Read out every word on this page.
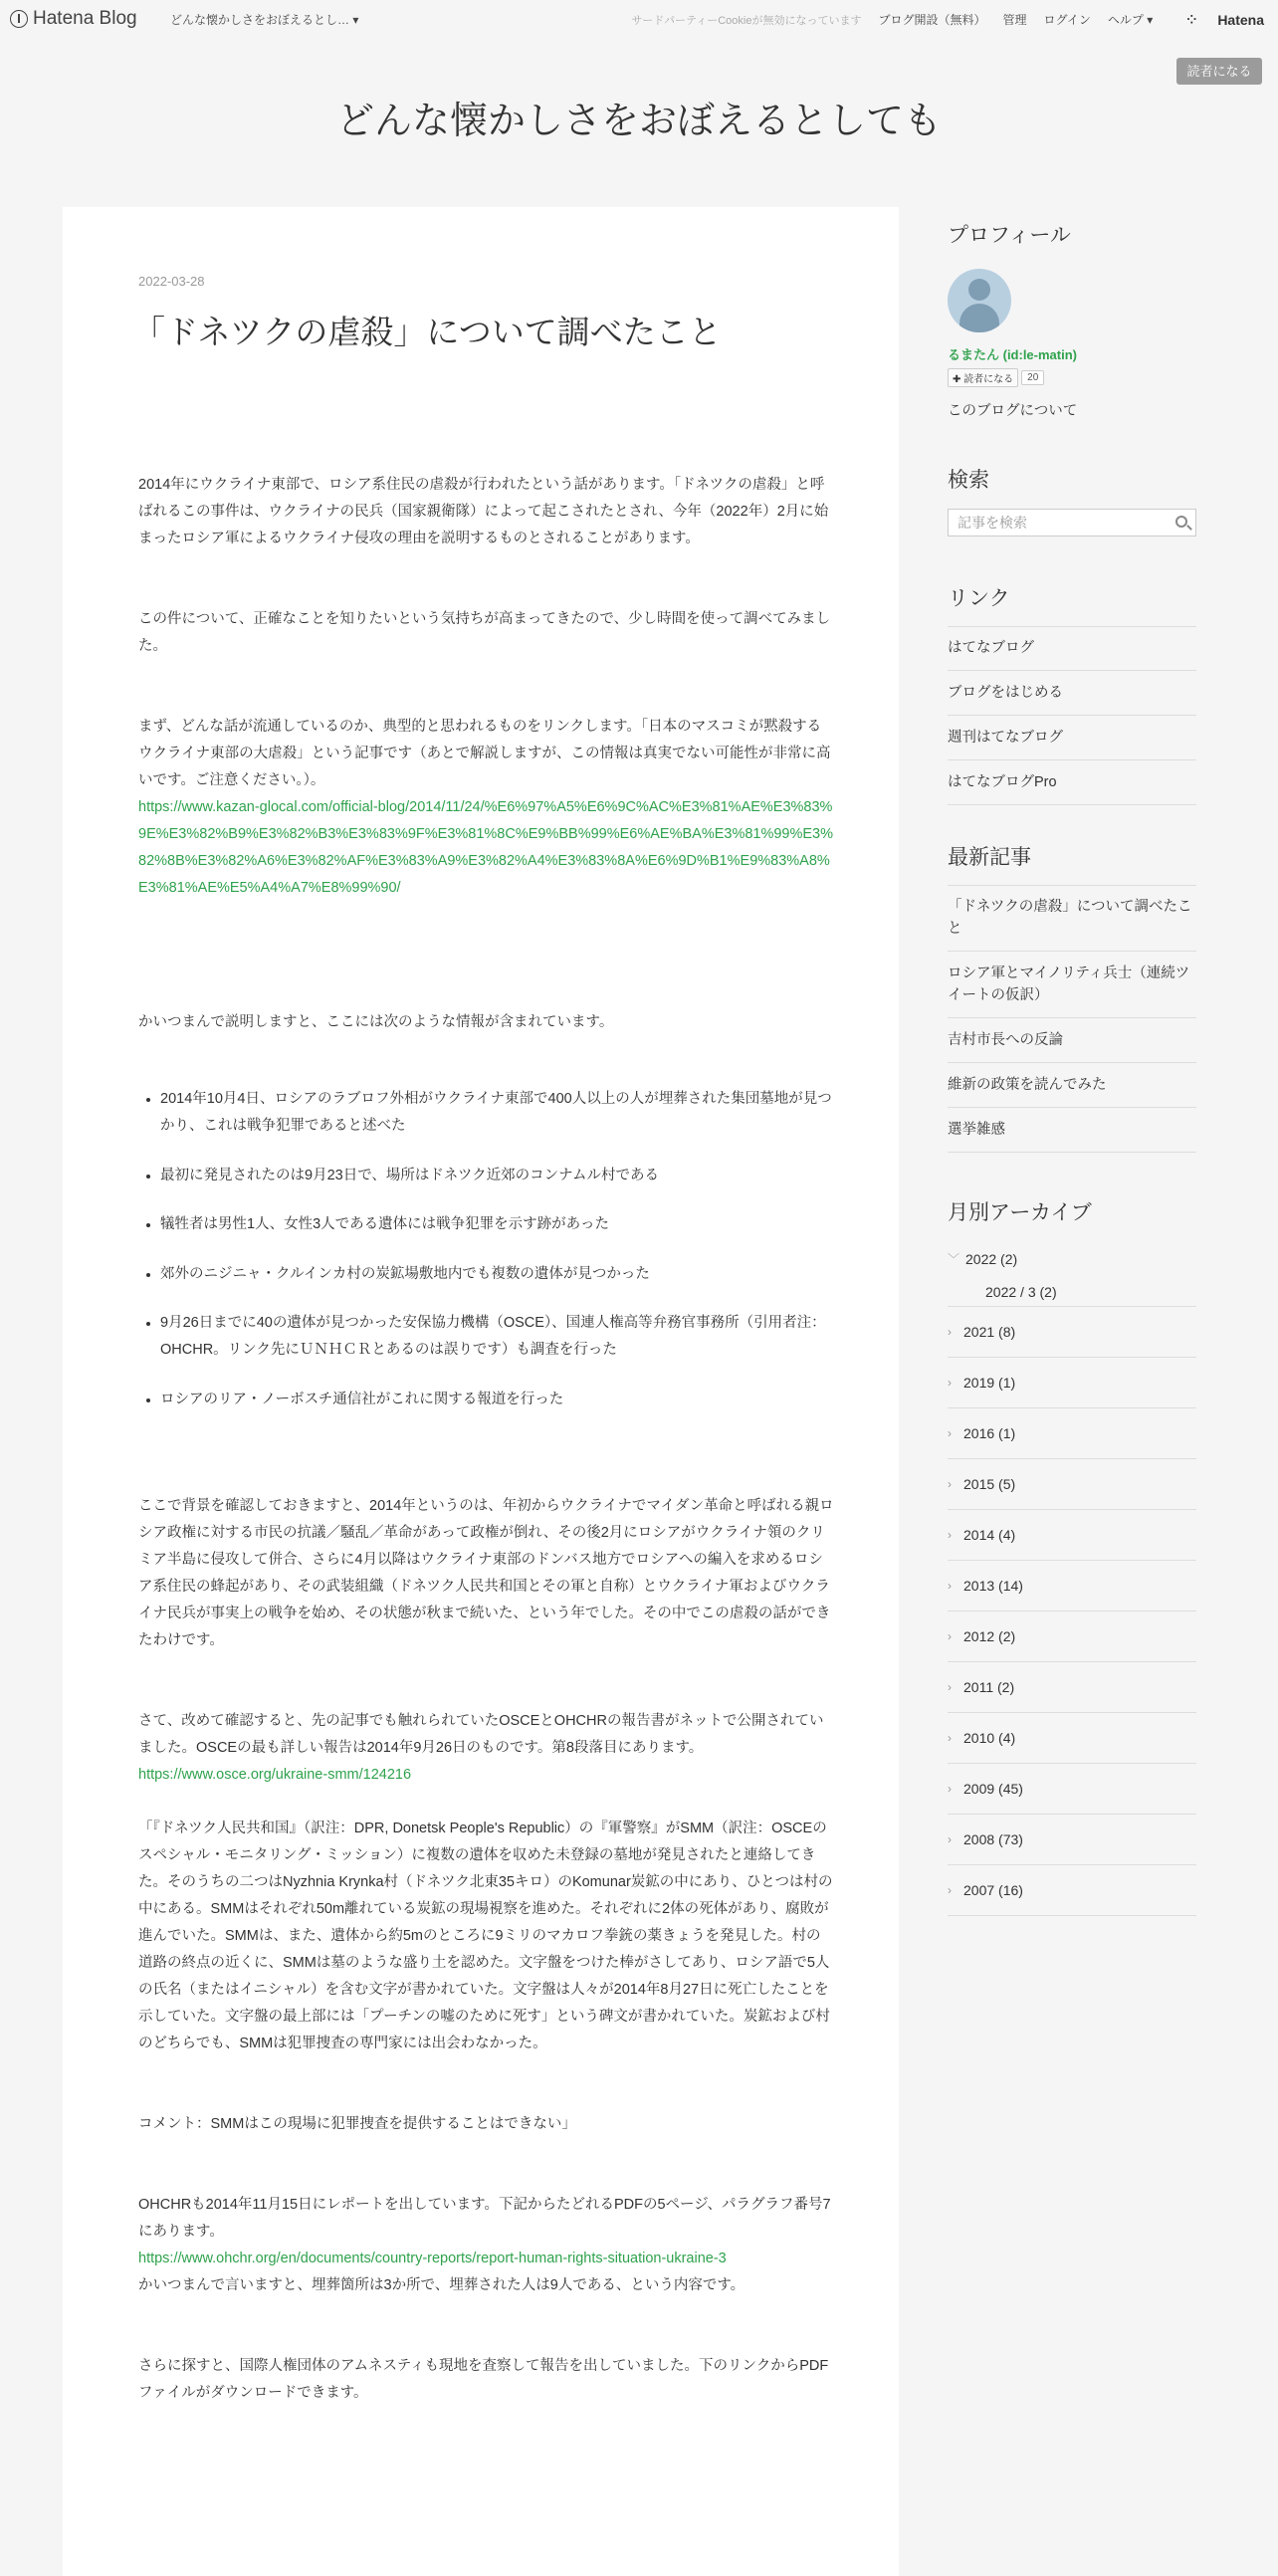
Hatena Blog	どんな懐かしさをおぼえるとし… ▾	サードパーティーCookieが無効になっています ブログ開設（無料） 管理 ログイン ヘルプ ▾	⁘ Hatena
読者になる
どんな懐かしさをおぼえるとしても
2022-03-28
「ドネツクの虐殺」について調べたこと

2014年にウクライナ東部で、ロシア系住民の虐殺が行われたという話があります。「ドネツクの虐殺」と呼ばれるこの事件は、ウクライナの民兵（国家親衛隊）によって起こされたとされ、今年（2022年）2月に始まったロシア軍によるウクライナ侵攻の理由を説明するものとされることがあります。

この件について、正確なことを知りたいという気持ちが高まってきたので、少し時間を使って調べてみました。

まず、どんな話が流通しているのか、典型的と思われるものをリンクします。「日本のマスコミが黙殺するウクライナ東部の大虐殺」という記事です（あとで解説しますが、この情報は真実でない可能性が非常に高いです。ご注意ください。）。

https://www.kazan-glocal.com/official-blog/2014/11/24/%E6%97%A5%E6%9C%AC%E3%81%AE%E3%83%9E%E3%82%B9%E3%82%B3%E3%83%9F%E3%81%8C%E9%BB%99%E6%AE%BA%E3%81%99%E3%82%8B%E3%82%A6%E3%82%AF%E3%83%A9%E3%82%A4%E3%83%8A%E6%9D%B1%E9%83%A8%E3%81%AE%E5%A4%A7%E8%99%90/

かいつまんで説明しますと、ここには次のような情報が含まれています。

• 2014年10月4日、ロシアのラブロフ外相がウクライナ東部で400人以上の人が埋葬された集団墓地が見つかり、これは戦争犯罪であると述べた
• 最初に発見されたのは9月23日で、場所はドネツク近郊のコンナムル村である
• 犠牲者は男性1人、女性3人である遺体には戦争犯罪を示す跡があった
• 郊外のニジニャ・クルインカ村の炭鉱場敷地内でも複数の遺体が見つかった
• 9月26日までに40の遺体が見つかった安保協力機構（OSCE）、国連人権高等弁務官事務所（引用者注：OHCHR。リンク先にＵＮＨＣＲとあるのは誤りです）も調査を行った
• ロシアのリア・ノーボスチ通信社がこれに関する報道を行った

ここで背景を確認しておきますと、2014年というのは、年初からウクライナでマイダン革命と呼ばれる親ロシア政権に対する市民の抗議／騒乱／革命があって政権が倒れ、その後2月にロシアがウクライナ領のクリミア半島に侵攻して併合、さらに4月以降はウクライナ東部のドンバス地方でロシアへの編入を求めるロシア系住民の蜂起があり、その武装組織（ドネツク人民共和国とその軍と自称）とウクライナ軍およびウクライナ民兵が事実上の戦争を始め、その状態が秋まで続いた、という年でした。その中でこの虐殺の話ができたわけです。

さて、改めて確認すると、先の記事でも触れられていたOSCEとOHCHRの報告書がネットで公開されていました。OSCEの最も詳しい報告は2014年9月26日のものです。第8段落目にあります。

https://www.osce.org/ukraine-smm/124216

「『ドネツク人民共和国』（訳注：DPR, Donetsk People's Republic）の『軍警察』がSMM（訳注：OSCEのスペシャル・モニタリング・ミッション）に複数の遺体を収めた未登録の墓地が発見されたと連絡してきた。そのうちの二つはNyzhnia Krynka村（ドネツク北東35キロ）のKomunar炭鉱の中にあり、ひとつは村の中にある。SMMはそれぞれ50m離れている炭鉱の現場視察を進めた。それぞれに2体の死体があり、腐敗が進んでいた。SMMは、また、遺体から約5mのところに9ミリのマカロフ拳銃の薬きょうを発見した。村の道路の終点の近くに、SMMは墓のような盛り土を認めた。文字盤をつけた棒がさしてあり、ロシア語で5人の氏名（またはイニシャル）を含む文字が書かれていた。文字盤は人々が2014年8月27日に死亡したことを示していた。文字盤の最上部には「プーチンの嘘のために死す」という碑文が書かれていた。炭鉱および村のどちらでも、SMMは犯罪捜査の専門家には出会わなかった。

コメント：SMMはこの現場に犯罪捜査を提供することはできない」

OHCHRも2014年11月15日にレポートを出しています。下記からたどれるPDFの5ページ、パラグラフ番号7にあります。

https://www.ohchr.org/en/documents/country-reports/report-human-rights-situation-ukraine-3

かいつまんで言いますと、埋葬箇所は3か所で、埋葬された人は9人である、という内容です。

さらに探すと、国際人権団体のアムネスティも現地を査察して報告を出していました。下のリンクからPDFファイルがダウンロードできます。

プロフィール
るまたん (id:le-matin)
✚ 読者になる	20
このブログについて
検索
記事を検索
リンク
はてなブログ
ブログをはじめる
週刊はてなブログ
はてなブログPro
最新記事
「ドネツクの虐殺」について調べたこと
ロシア軍とマイノリティ兵士（連続ツイートの仮訳）
吉村市長への反論
維新の政策を読んでみた
選挙雑感
月別アーカイブ
﹀ 2022 (2)
2022 / 3 (2)
› 2021 (8)
› 2019 (1)
› 2016 (1)
› 2015 (5)
› 2014 (4)
› 2013 (14)
› 2012 (2)
› 2011 (2)
› 2010 (4)
› 2009 (45)
› 2008 (73)
› 2007 (16)
